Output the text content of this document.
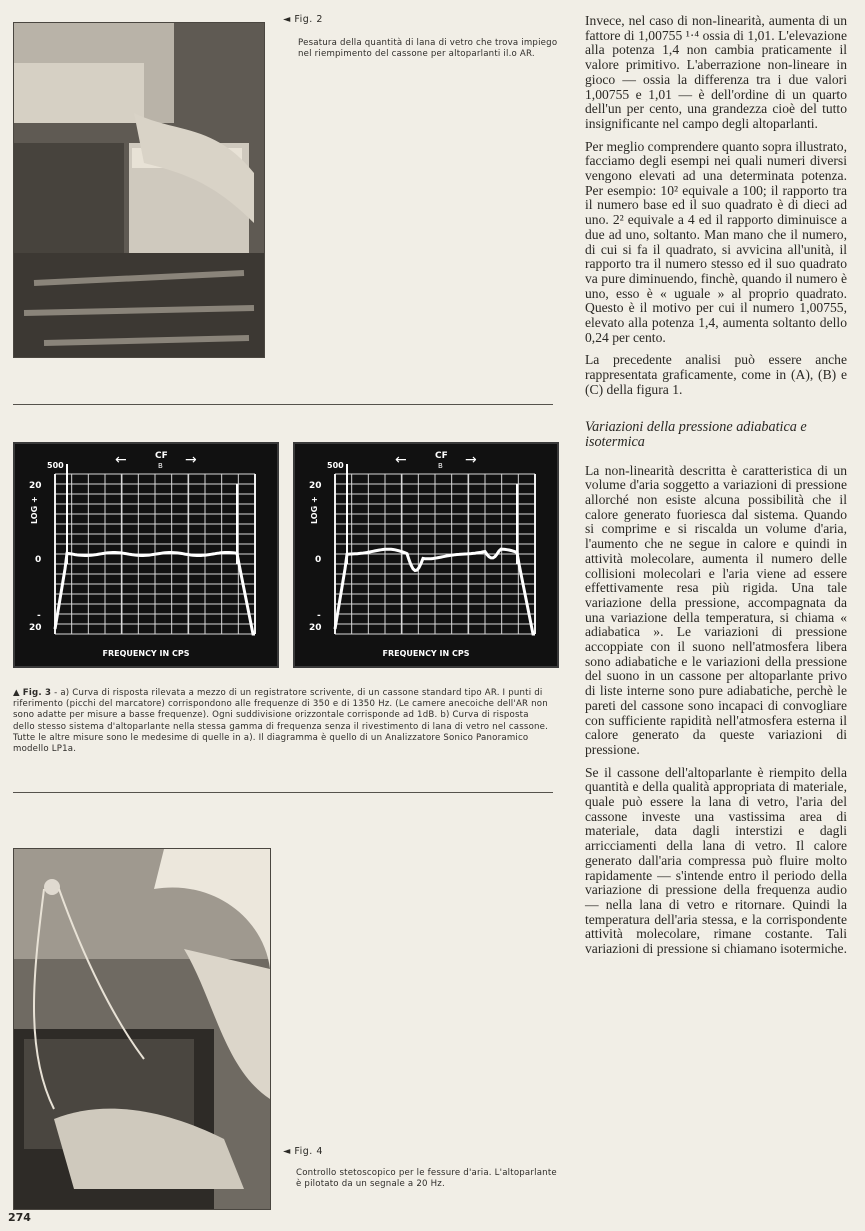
◄ Fig. 2
Pesatura della quantità di lana di vetro che trova impiego nel riempimento del cassone per altoparlanti il.o AR.
←	→
CF
B
500
20
0
20
LOG +
-
FREQUENCY IN CPS
←	→
CF
B
500
20
0
20
LOG +
-
FREQUENCY IN CPS
▲ Fig. 3 - a) Curva di risposta rilevata a mezzo di un registratore scrivente, di un cassone standard tipo AR. I punti di riferimento (picchi del marcatore) corrispondono alle frequenze di 350 e di 1350 Hz. (Le camere anecoiche dell'AR non sono adatte per misure a basse frequenze). Ogni suddivisione orizzontale corrisponde ad 1dB. b) Curva di risposta dello stesso sistema d'altoparlante nella stessa gamma di frequenza senza il rivestimento di lana di vetro nel cassone. Tutte le altre misure sono le medesime di quelle in a). Il diagramma è quello di un Analizzatore Sonico Panoramico modello LP1a.
◄ Fig. 4
Controllo stetoscopico per le fessure d'aria. L'altoparlante è pilotato da un segnale a 20 Hz.
274

Invece, nel caso di non-linearità, aumenta di un fattore di 1,00755 ¹·⁴ ossia di 1,01. L'elevazione alla potenza 1,4 non cambia praticamente il valore primitivo. L'aberrazione non-lineare in gioco — ossia la differenza tra i due valori 1,00755 e 1,01 — è dell'ordine di un quarto dell'un per cento, una grandezza cioè del tutto insignificante nel campo degli altoparlanti.

Per meglio comprendere quanto sopra illustrato, facciamo degli esempi nei quali numeri diversi vengono elevati ad una determinata potenza. Per esempio: 10² equivale a 100; il rapporto tra il numero base ed il suo quadrato è di dieci ad uno. 2² equivale a 4 ed il rapporto diminuisce a due ad uno, soltanto. Man mano che il numero, di cui si fa il quadrato, si avvicina all'unità, il rapporto tra il numero stesso ed il suo quadrato va pure diminuendo, finchè, quando il numero è uno, esso è « uguale » al proprio quadrato. Questo è il motivo per cui il numero 1,00755, elevato alla potenza 1,4, aumenta soltanto dello 0,24 per cento.

La precedente analisi può essere anche rappresentata graficamente, come in (A), (B) e (C) della figura 1.

Variazioni della pressione adiabatica e isotermica

La non-linearità descritta è caratteristica di un volume d'aria soggetto a variazioni di pressione allorché non esiste alcuna possibilità che il calore generato fuoriesca dal sistema. Quando si comprime e si riscalda un volume d'aria, l'aumento che ne segue in calore e quindi in attività molecolare, aumenta il numero delle collisioni molecolari e l'aria viene ad essere effettivamente resa più rigida. Una tale variazione della pressione, accompagnata da una variazione della temperatura, si chiama « adiabatica ». Le variazioni di pressione accoppiate con il suono nell'atmosfera libera sono adiabatiche e le variazioni della pressione del suono in un cassone per altoparlante privo di liste interne sono pure adiabatiche, perchè le pareti del cassone sono incapaci di convogliare con sufficiente rapidità nell'atmosfera esterna il calore generato da queste variazioni di pressione.

Se il cassone dell'altoparlante è riempito della quantità e della qualità appropriata di materiale, quale può essere la lana di vetro, l'aria del cassone investe una vastissima area di materiale, data dagli interstizi e dagli arricciamenti della lana di vetro. Il calore generato dall'aria compressa può fluire molto rapidamente — s'intende entro il periodo della variazione di pressione della frequenza audio — nella lana di vetro e ritornare. Quindi la temperatura dell'aria stessa, e la corrispondente attività molecolare, rimane costante. Tali variazioni di pressione si chiamano isotermiche.
